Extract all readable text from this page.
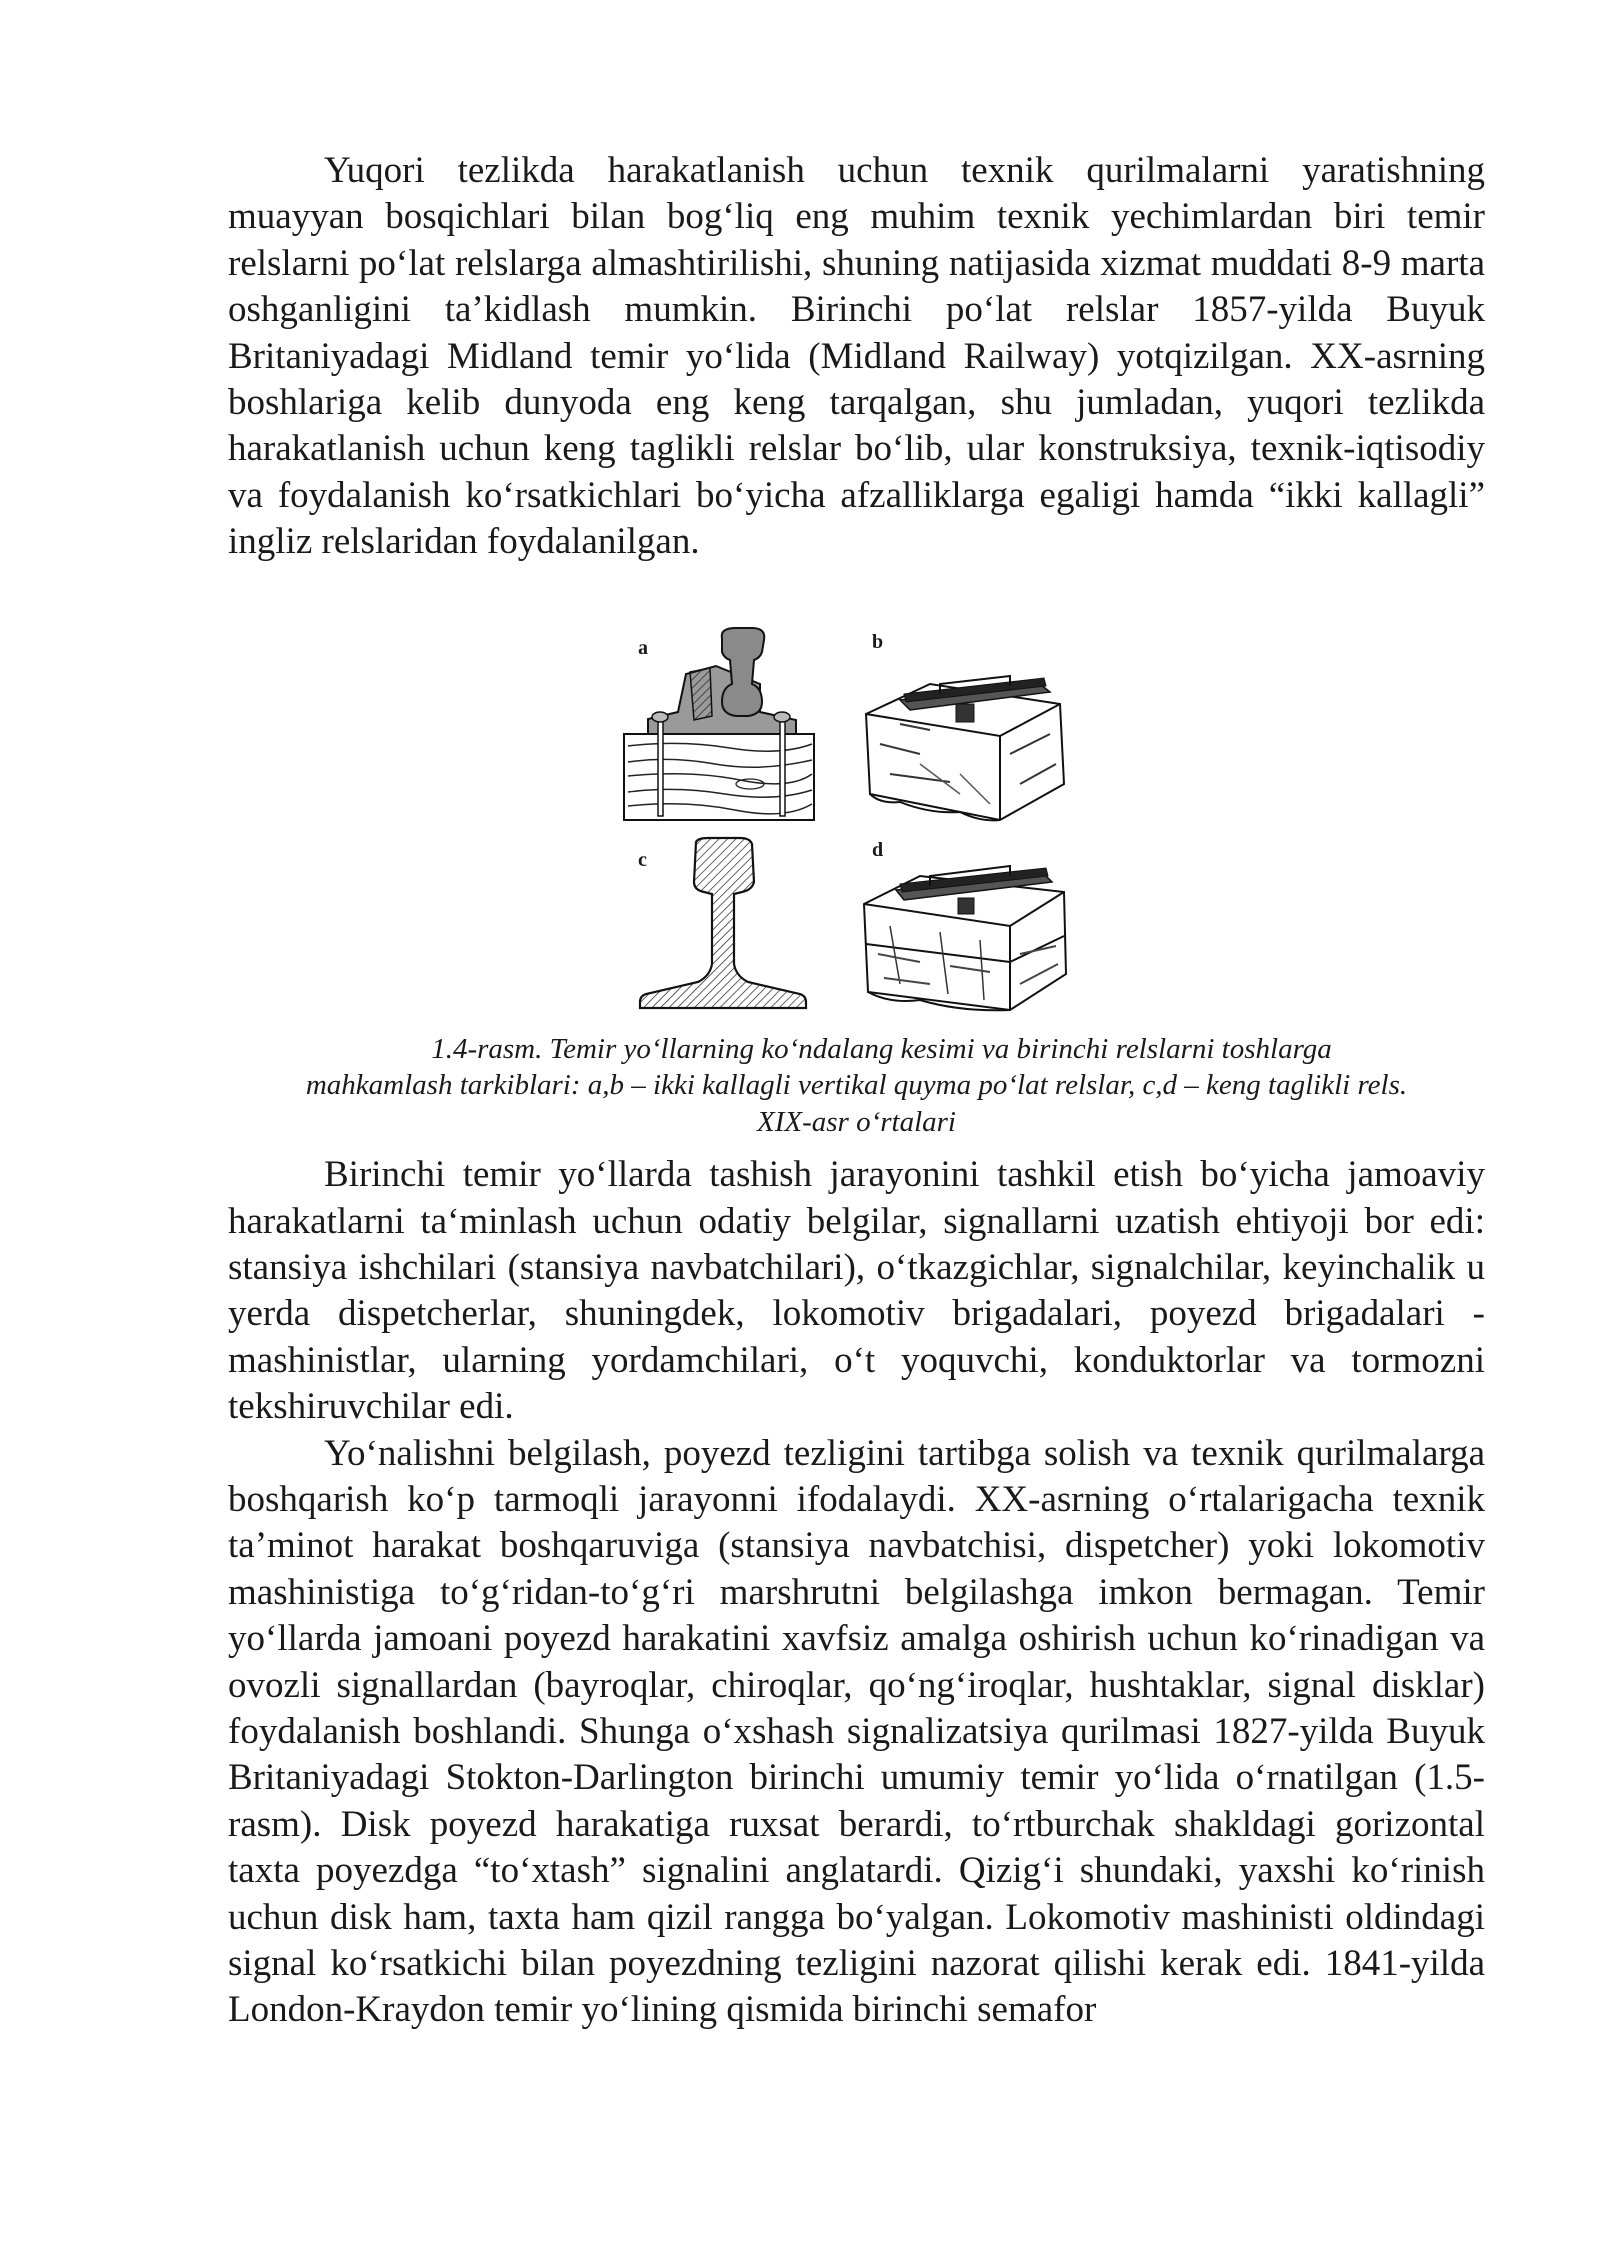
Yuqori tezlikda harakatlanish uchun texnik qurilmalarni yaratishning muayyan bosqichlari bilan bog‘liq eng muhim texnik yechimlardan biri temir relslarni po‘lat relslarga almashtirilishi, shuning natijasida xizmat muddati 8-9 marta oshganligini ta’kidlash mumkin. Birinchi po‘lat relslar 1857-yilda Buyuk Britaniyadagi Midland temir yo‘lida (Midland Railway) yotqizilgan. XX-asrning boshlariga kelib dunyoda eng keng tarqalgan, shu jumladan, yuqori tezlikda harakatlanish uchun keng taglikli relslar bo‘lib, ular konstruksiya, texnik-iqtisodiy va foydalanish ko‘rsatkichlari bo‘yicha afzalliklarga egaligi hamda “ikki kallagli” ingliz relslaridan foydalanilgan.

a	b
c	d
1.4-rasm. Temir yo‘llarning ko‘ndalang kesimi va birinchi relslarni toshlarga
mahkamlash tarkiblari: a,b – ikki kallagli vertikal quyma po‘lat relslar, c,d – keng taglikli rels.
XIX-asr o‘rtalari

Birinchi temir yo‘llarda tashish jarayonini tashkil etish bo‘yicha jamoaviy harakatlarni ta‘minlash uchun odatiy belgilar, signallarni uzatish ehtiyoji bor edi: stansiya ishchilari (stansiya navbatchilari), o‘tkazgichlar, signalchilar, keyinchalik u yerda dispetcherlar, shuningdek, lokomotiv brigadalari, poyezd brigadalari - mashinistlar, ularning yordamchilari, o‘t yoquvchi, konduktorlar va tormozni tekshiruvchilar edi.

Yo‘nalishni belgilash, poyezd tezligini tartibga solish va texnik qurilmalarga boshqarish ko‘p tarmoqli jarayonni ifodalaydi. XX-asrning o‘rtalarigacha texnik ta’minot harakat boshqaruviga (stansiya navbatchisi, dispetcher) yoki lokomotiv mashinistiga to‘g‘ridan-to‘g‘ri marshrutni belgilashga imkon bermagan. Temir yo‘llarda jamoani poyezd harakatini xavfsiz amalga oshirish uchun ko‘rinadigan va ovozli signallardan (bayroqlar, chiroqlar, qo‘ng‘iroqlar, hushtaklar, signal disklar) foydalanish boshlandi. Shunga o‘xshash signalizatsiya qurilmasi 1827-yilda Buyuk Britaniyadagi Stokton-Darlington birinchi umumiy temir yo‘lida o‘rnatilgan (1.5-rasm). Disk poyezd harakatiga ruxsat berardi, to‘rtburchak shakldagi gorizontal taxta poyezdga “to‘xtash” signalini anglatardi. Qizig‘i shundaki, yaxshi ko‘rinish uchun disk ham, taxta ham qizil rangga bo‘yalgan. Lokomotiv mashinisti oldindagi signal ko‘rsatkichi bilan poyezdning tezligini nazorat qilishi kerak edi. 1841-yilda London-Kraydon temir yo‘lining qismida birinchi semafor
